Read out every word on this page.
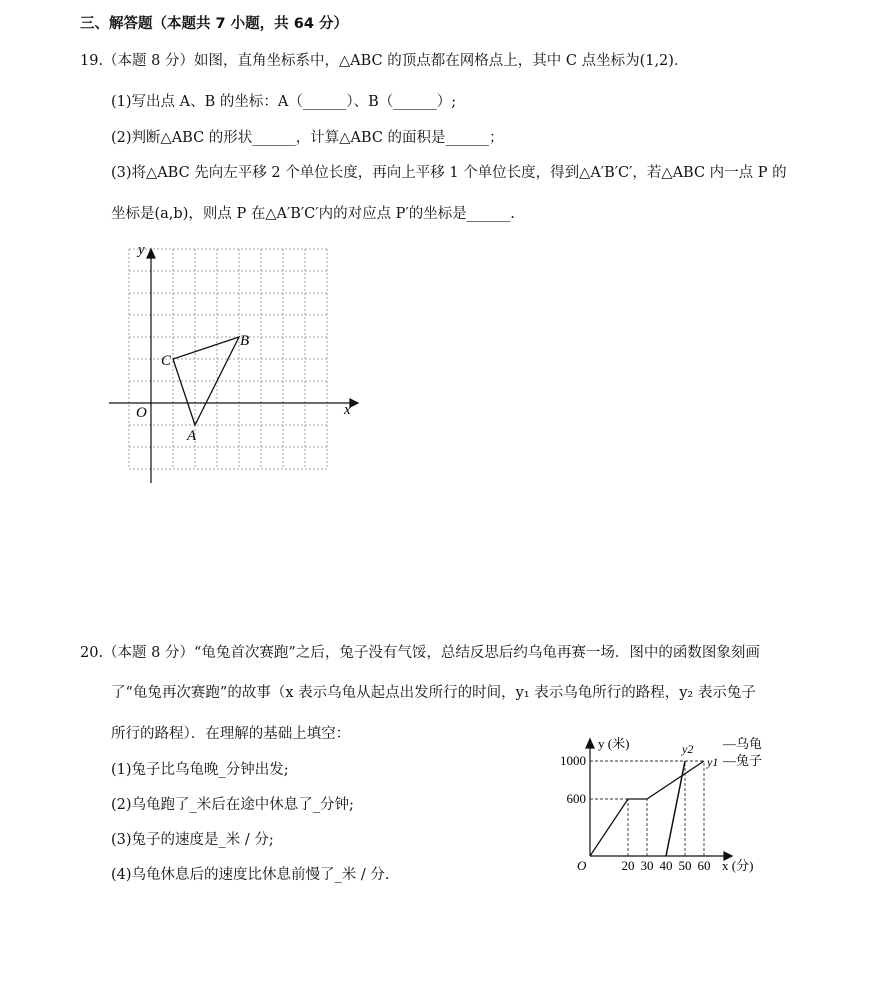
三、解答题（本题共 7 小题，共 64 分）
19.（本题 8 分）如图，直角坐标系中，△ABC 的顶点都在网格点上，其中 C 点坐标为(1,2)．
(1)写出点 A、B 的坐标：A（______）、B（______）;
(2)判断△ABC 的形状______，计算△ABC 的面积是______；
(3)将△ABC 先向左平移 2 个单位长度，再向上平移 1 个单位长度，得到△A′B′C′，若△ABC 内一点 P 的
坐标是(a,b)，则点 P 在△A′B′C′内的对应点 P′的坐标是______.
x
y
O
A
B
C
20.（本题 8 分）“龟兔首次赛跑”之后，兔子没有气馁，总结反思后约乌龟再赛一场．图中的函数图象刻画
了“龟兔再次赛跑”的故事（x 表示乌龟从起点出发所行的时间，y₁ 表示乌龟所行的路程，y₂ 表示兔子
所行的路程）．在理解的基础上填空：
(1)兔子比乌龟晚_分钟出发;
(2)乌龟跑了_米后在途中休息了_分钟;
(3)兔子的速度是_米 / 分;
(4)乌龟休息后的速度比休息前慢了_米 / 分.
1000
600
20 30 40 50 60
y (米)
x (分)
O
—乌龟
—兔子
y2
y1
